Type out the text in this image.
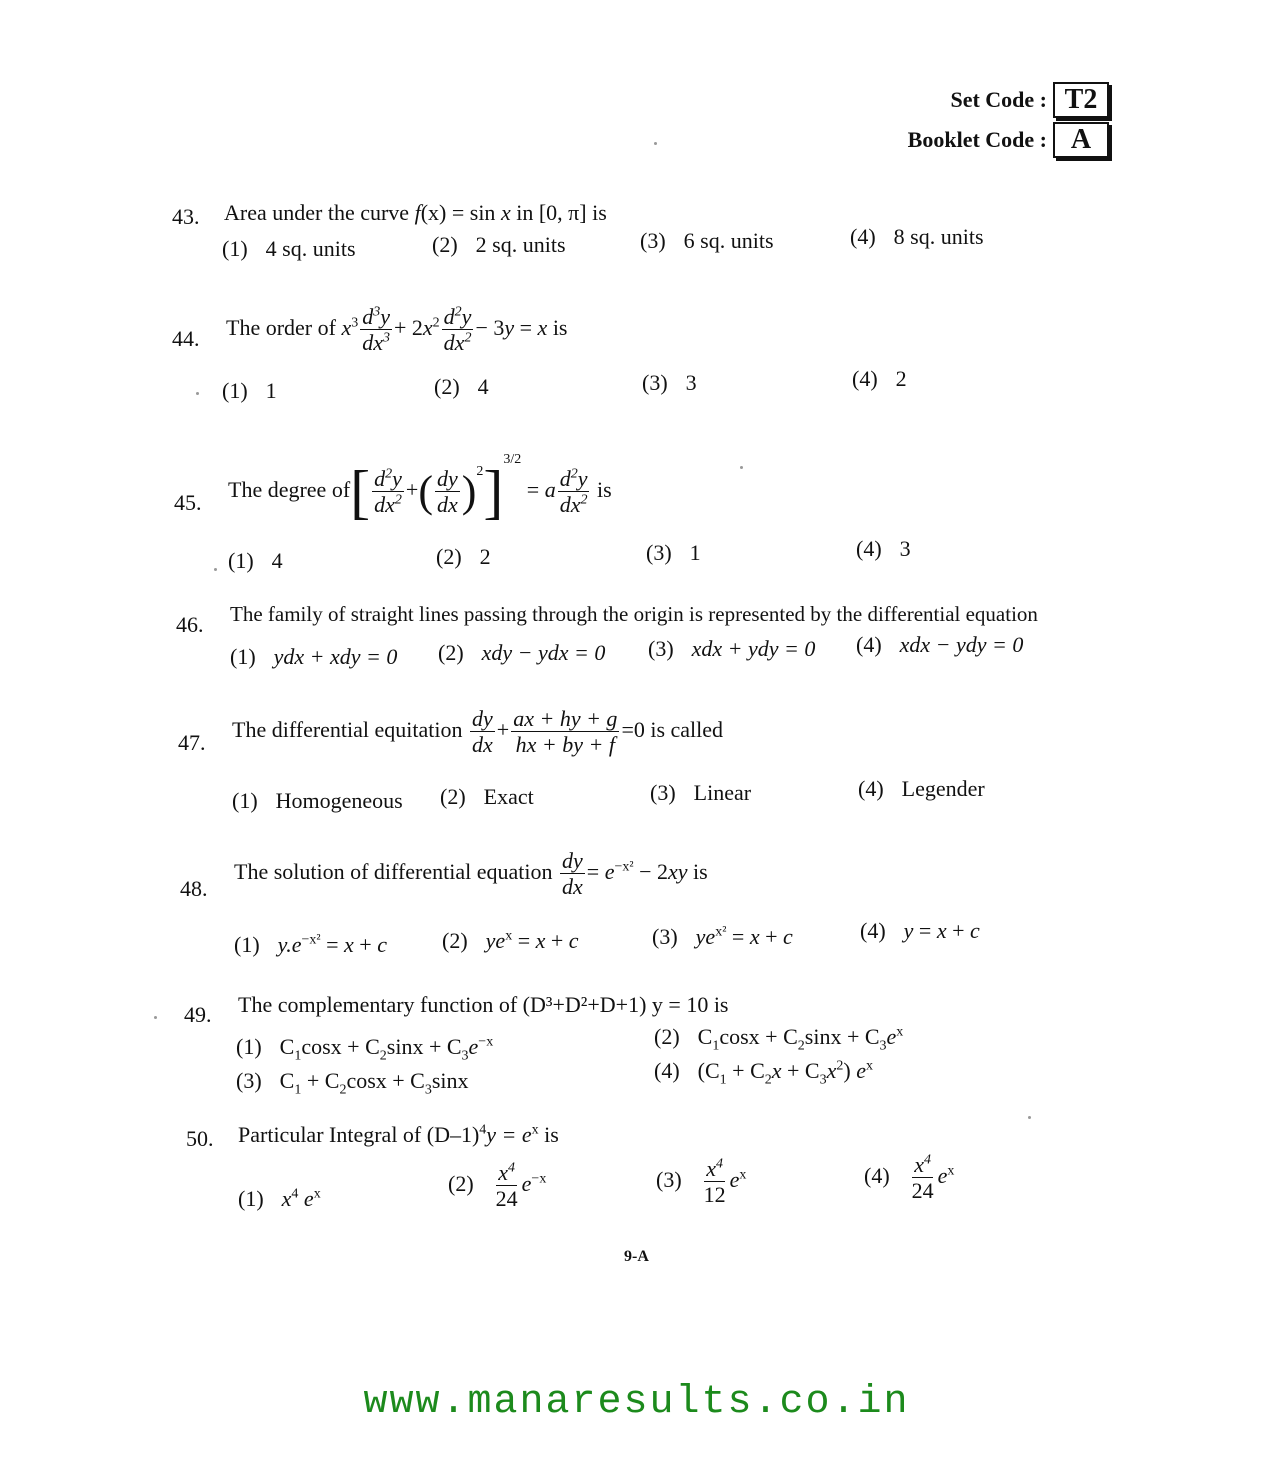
Set Code : T2
Booklet Code : A
43.	Area under the curve f(x) = sin x in [0, π] is
(1) 4 sq. units	(2) 2 sq. units	(3) 6 sq. units	(4) 8 sq. units
44.	The order of $x^3 \frac{d^3y}{dx^3} + 2x^2 \frac{d^2y}{dx^2} - 3y = x$ is
(1) 1	(2) 4	(3) 3	(4) 2
45.
The degree $of[ \frac{d^2y}{dx^2}$ +( $\frac{dy}{dx} )^2]^{3/2} = a \frac{d^2y}{dx^2}$ is
(1) 4	(2) 2	(3) 1	(4) 3
46.	The family of straight lines passing through the origin is represented by the differential equation
(1) ydx + xdy = 0 (2) xdy − ydx = 0 (3) xdx + ydy = 0 (4) xdx − ydy = 0
47.
The differential equitation $\frac{dy}{dx} + \frac{ax + hy + g}{hx + by + f} =0$ is called
(1) Homogeneous (2) Exact	(3) Linear	(4) Legender
48.
The solution of differential equation $\frac{dy}{dx} = e^{-x^2} - 2xy$ is
(1) $y.e^{-x^2} = x + c$	(2) $ye^x = x + c$	(3) $ye^{x^2} = x + c$	(4) y = x + c
49.	The complementary function of (D³+D²+D+1) y = 10 is
(1) $C_1\cos x + C_2\sin x + C_3e^{-x}$	(2) $C_1\cos x + C_2\sin x + C_3e^x$
(3) $C_1 + C_2\cos x + C_3\sin x$	(4) $(C_1 + C_2x + C_3x^2)$ $e^x$
50.	Particular Integral of $(D-1)^4y = e^x$ is
(1) $x^4$ $e^x$	$(2) \frac{x^4}{24} e^{-x}$	$(3) \frac{x^4}{12} e^x$	$(4) \frac{x^4}{24} e^x$
9-A
www.manaresults.co.in
